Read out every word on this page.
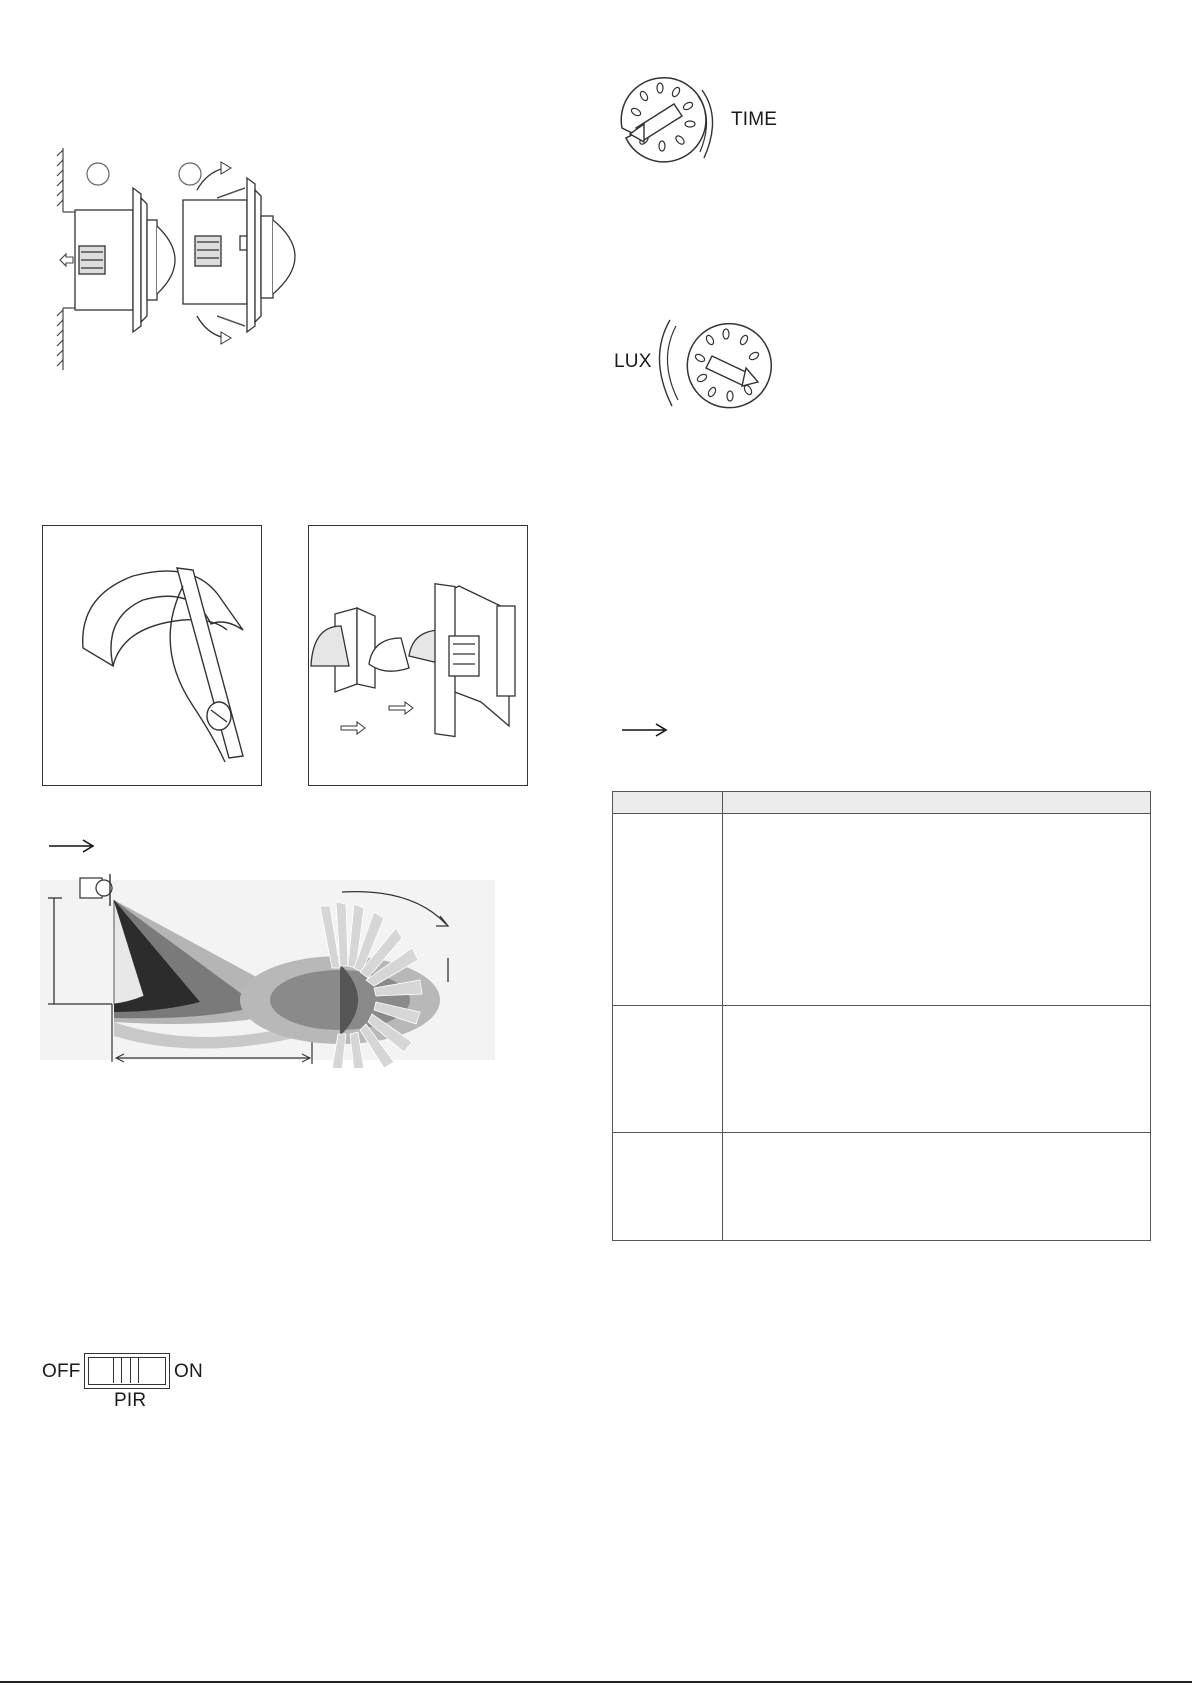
TIME
LUX
OFF	ON
PIR
